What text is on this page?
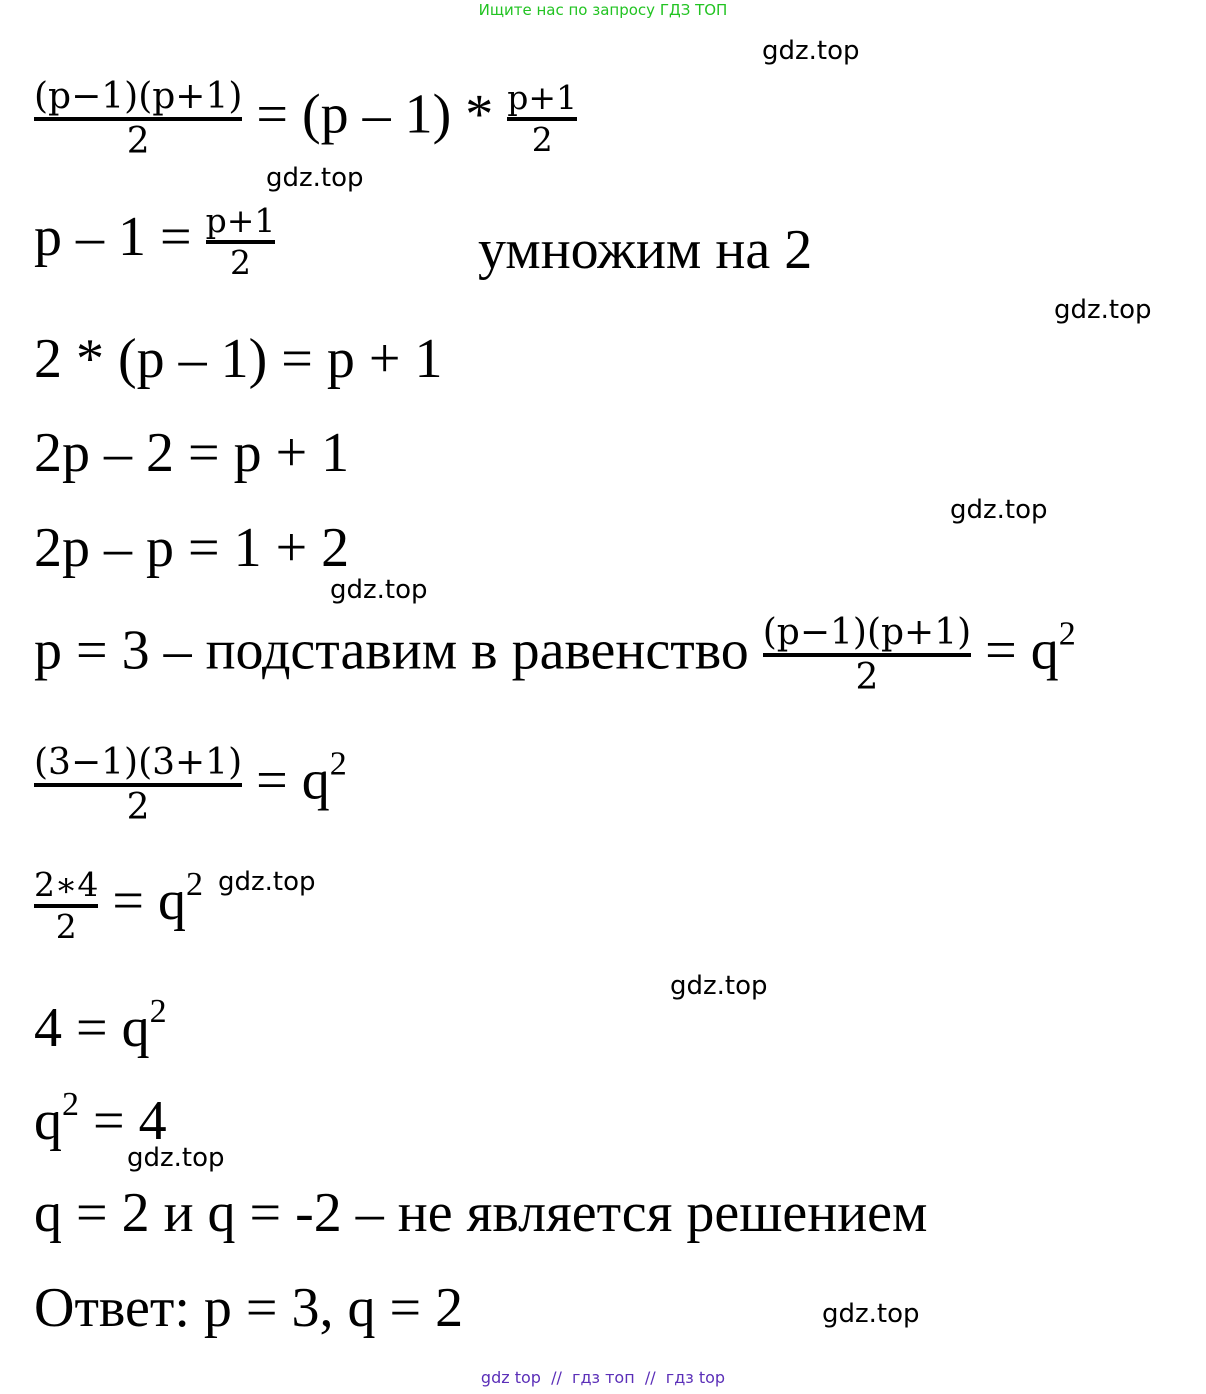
Ищите нас по запросу ГДЗ ТОП
gdz.top
gdz.top
gdz.top
gdz.top
gdz.top
gdz.top
gdz.top
gdz.top
gdz.top
$\frac{(p-1)(p+1)}{2} = (p - 1) * \frac{p+1}{2}$
$p - 1 = \frac{p+1}{2}$	умножим на 2
2 * (p – 1) = p + 1
2p – 2 = p + 1
2p – p = 1 + 2
p = 3 – подставим в равенство $\frac{(p-1)(p+1)}{2} = q^2$
$\frac{(3-1)(3+1)}{2} = q^2$
$\frac{2∗4}{2} = q^2$
$4 = q^2$
$q^2 = 4$
q = 2 и q = -2 – не является решением
Ответ: p = 3, q = 2
gdz top  //  гдз топ  //  гдз top
